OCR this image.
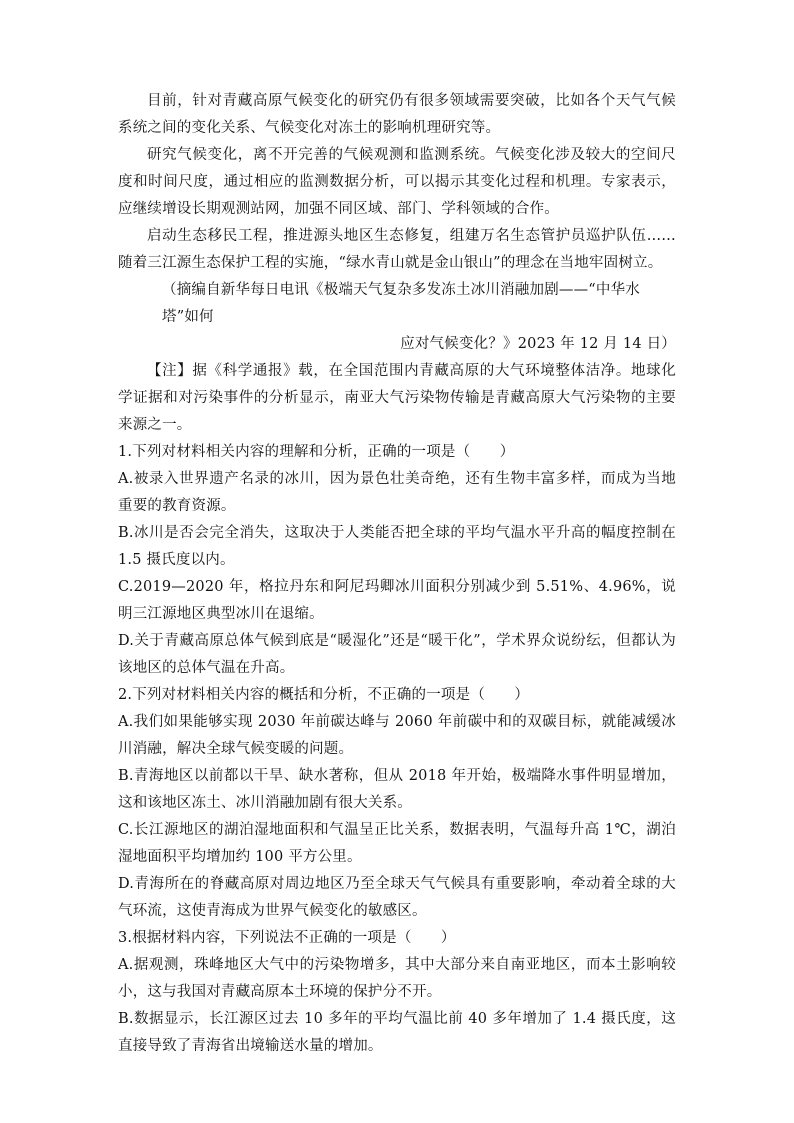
目前，针对青藏高原气候变化的研究仍有很多领域需要突破，比如各个天气气候系统之间的变化关系、气候变化对冻土的影响机理研究等。

研究气候变化，离不开完善的气候观测和监测系统。气候变化涉及较大的空间尺度和时间尺度，通过相应的监测数据分析，可以揭示其变化过程和机理。专家表示，应继续增设长期观测站网，加强不同区域、部门、学科领域的合作。

启动生态移民工程，推进源头地区生态修复，组建万名生态管护员巡护队伍……随着三江源生态保护工程的实施，“绿水青山就是金山银山”的理念在当地牢固树立。

（摘编自新华每日电讯《极端天气复杂多发冻土冰川消融加剧——“中华水塔”如何
应对气候变化？》2023 年 12 月 14 日）

【注】据《科学通报》载，在全国范围内青藏高原的大气环境整体洁净。地球化学证据和对污染事件的分析显示，南亚大气污染物传输是青藏高原大气污染物的主要来源之一。

1.下列对材料相关内容的理解和分析，正确的一项是（　　）

A.被录入世界遗产名录的冰川，因为景色壮美奇绝，还有生物丰富多样，而成为当地重要的教育资源。

B.冰川是否会完全消失，这取决于人类能否把全球的平均气温水平升高的幅度控制在 1.5 摄氏度以内。

C.2019—2020 年，格拉丹东和阿尼玛卿冰川面积分别减少到 5.51%、4.96%，说明三江源地区典型冰川在退缩。

D.关于青藏高原总体气候到底是“暖湿化”还是“暖干化”，学术界众说纷纭，但都认为该地区的总体气温在升高。

2.下列对材料相关内容的概括和分析，不正确的一项是（　　）

A.我们如果能够实现 2030 年前碳达峰与 2060 年前碳中和的双碳目标，就能减缓冰川消融，解决全球气候变暖的问题。

B.青海地区以前都以干旱、缺水著称，但从 2018 年开始，极端降水事件明显增加，这和该地区冻土、冰川消融加剧有很大关系。

C.长江源地区的湖泊湿地面积和气温呈正比关系，数据表明，气温每升高 1℃，湖泊湿地面积平均增加约 100 平方公里。

D.青海所在的脊藏高原对周边地区乃至全球天气气候具有重要影响，牵动着全球的大气环流，这使青海成为世界气候变化的敏感区。

3.根据材料内容，下列说法不正确的一项是（　　）

A.据观测，珠峰地区大气中的污染物增多，其中大部分来自南亚地区，而本土影响较小，这与我国对青藏高原本土环境的保护分不开。

B.数据显示，长江源区过去 10 多年的平均气温比前 40 多年增加了 1.4 摄氏度，这直接导致了青海省出境输送水量的增加。
